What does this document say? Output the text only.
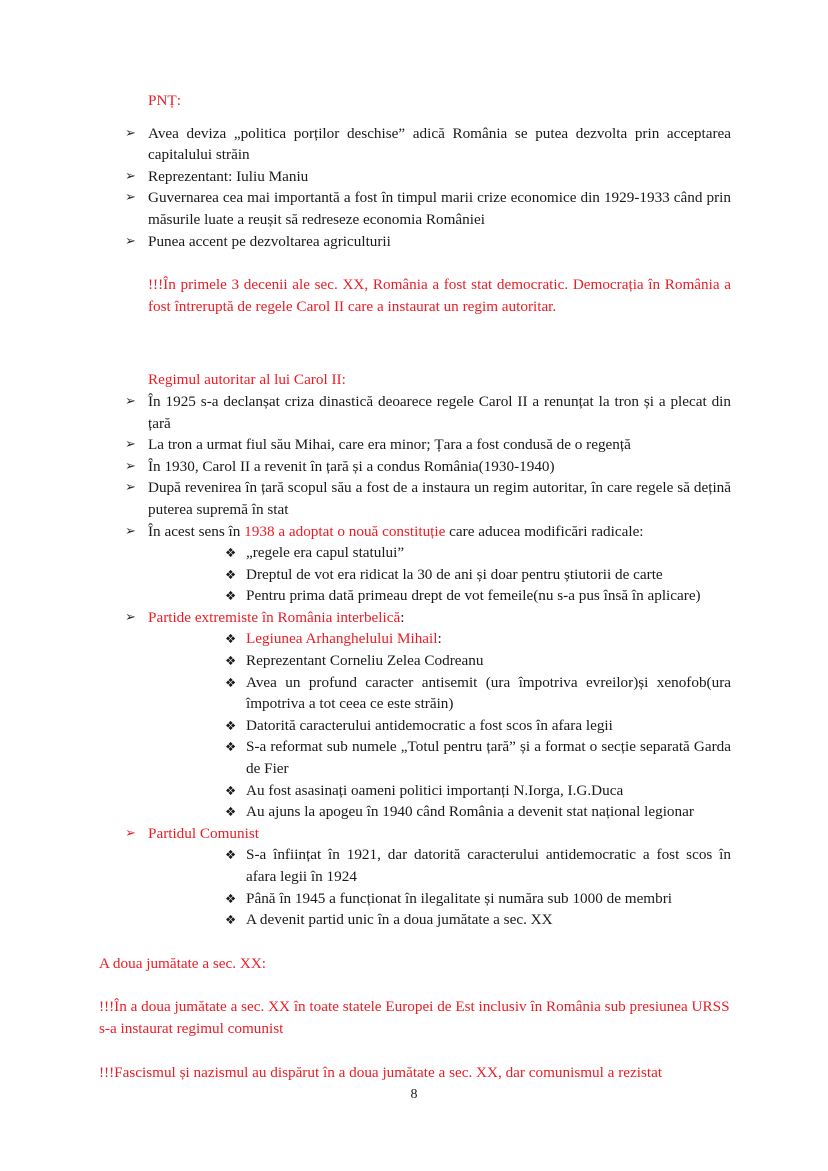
PNȚ:
➢ Avea deviza „politica porților deschise” adică România se putea dezvolta prin acceptarea capitalului străin
➢ Reprezentant: Iuliu Maniu
➢ Guvernarea cea mai importantă a fost în timpul marii crize economice din 1929-1933 când prin măsurile luate a reușit să redreseze economia României
➢ Punea accent pe dezvoltarea agriculturii
!!!În primele 3 decenii ale sec. XX, România a fost stat democratic. Democrația în România a fost întreruptă de regele Carol II care a instaurat un regim autoritar.
Regimul autoritar al lui Carol II:
➢ În 1925 s-a declanșat criza dinastică deoarece regele Carol II a renunțat la tron și a plecat din țară
➢ La tron a urmat fiul său Mihai, care era minor; Țara a fost condusă de o regență
➢ În 1930, Carol II a revenit în țară și a condus România(1930-1940)
➢ După revenirea în țară scopul său a fost de a instaura un regim autoritar, în care regele să dețină puterea supremă în stat
➢ În acest sens în 1938 a adoptat o nouă constituție care aducea modificări radicale:
❖ „regele era capul statului”
❖ Dreptul de vot era ridicat la 30 de ani și doar pentru știutorii de carte
❖ Pentru prima dată primeau drept de vot femeile(nu s-a pus însă în aplicare)
➢ Partide extremiste în România interbelică:
❖ Legiunea Arhanghelului Mihail:
❖ Reprezentant Corneliu Zelea Codreanu
❖ Avea un profund caracter antisemit (ura împotriva evreilor)și xenofob(ura împotriva a tot ceea ce este străin)
❖ Datorită caracterului antidemocratic a fost scos în afara legii
❖ S-a reformat sub numele „Totul pentru țară” și a format o secție separată Garda de Fier
❖ Au fost asasinați oameni politici importanți N.Iorga, I.G.Duca
❖ Au ajuns la apogeu în 1940 când România a devenit stat național legionar
➢ Partidul Comunist
❖ S-a înființat în 1921, dar datorită caracterului antidemocratic a fost scos în afara legii în 1924
❖ Până în 1945 a funcționat în ilegalitate și număra sub 1000 de membri
❖ A devenit partid unic în a doua jumătate a sec. XX
A doua jumătate a sec. XX:
!!!În a doua jumătate a sec. XX în toate statele Europei de Est inclusiv în România sub presiunea URSS s-a instaurat regimul comunist
!!!Fascismul și nazismul au dispărut în a doua jumătate a sec. XX, dar comunismul a rezistat
8
